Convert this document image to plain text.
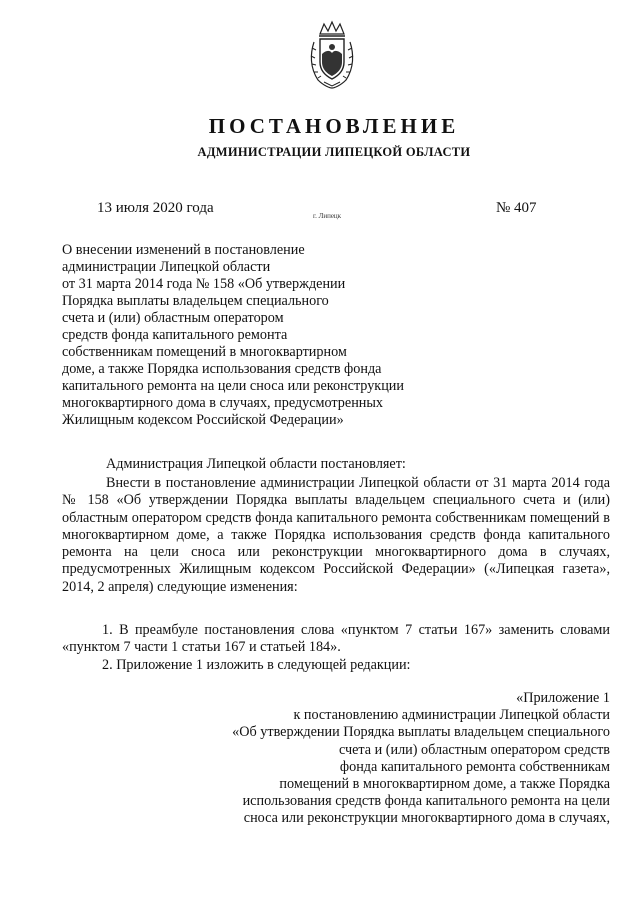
ПОСТАНОВЛЕНИЕ
АДМИНИСТРАЦИИ ЛИПЕЦКОЙ ОБЛАСТИ
13 июля 2020 года	г. Липецк	№ 407
О внесении изменений в постановление
администрации Липецкой области
от 31 марта 2014 года № 158 «Об утверждении
Порядка выплаты владельцем специального
счета и (или) областным оператором
средств фонда капитального ремонта
собственникам помещений в многоквартирном
доме, а также Порядка использования средств фонда
капитального ремонта на цели сноса или реконструкции
многоквартирного дома в случаях, предусмотренных
Жилищным кодексом Российской Федерации»

Администрация Липецкой области постановляет:

Внести в постановление администрации Липецкой области от 31 марта 2014 года № 158 «Об утверждении Порядка выплаты владельцем специального счета и (или) областным оператором средств фонда капитального ремонта собственникам помещений в многоквартирном доме, а также Порядка использования средств фонда капитального ремонта на цели сноса или реконструкции многоквартирного дома в случаях, предусмотренных Жилищным кодексом Российской Федерации» («Липецкая газета», 2014, 2 апреля) следующие изменения:

1. В преамбуле постановления слова «пунктом 7 статьи 167» заменить словами «пунктом 7 части 1 статьи 167 и статьей 184».

2. Приложение 1 изложить в следующей редакции:

«Приложение 1
к постановлению администрации Липецкой области
«Об утверждении Порядка выплаты владельцем специального
счета и (или) областным оператором средств
фонда капитального ремонта собственникам
помещений в многоквартирном доме, а также Порядка
использования средств фонда капитального ремонта на цели
сноса или реконструкции многоквартирного дома в случаях,
